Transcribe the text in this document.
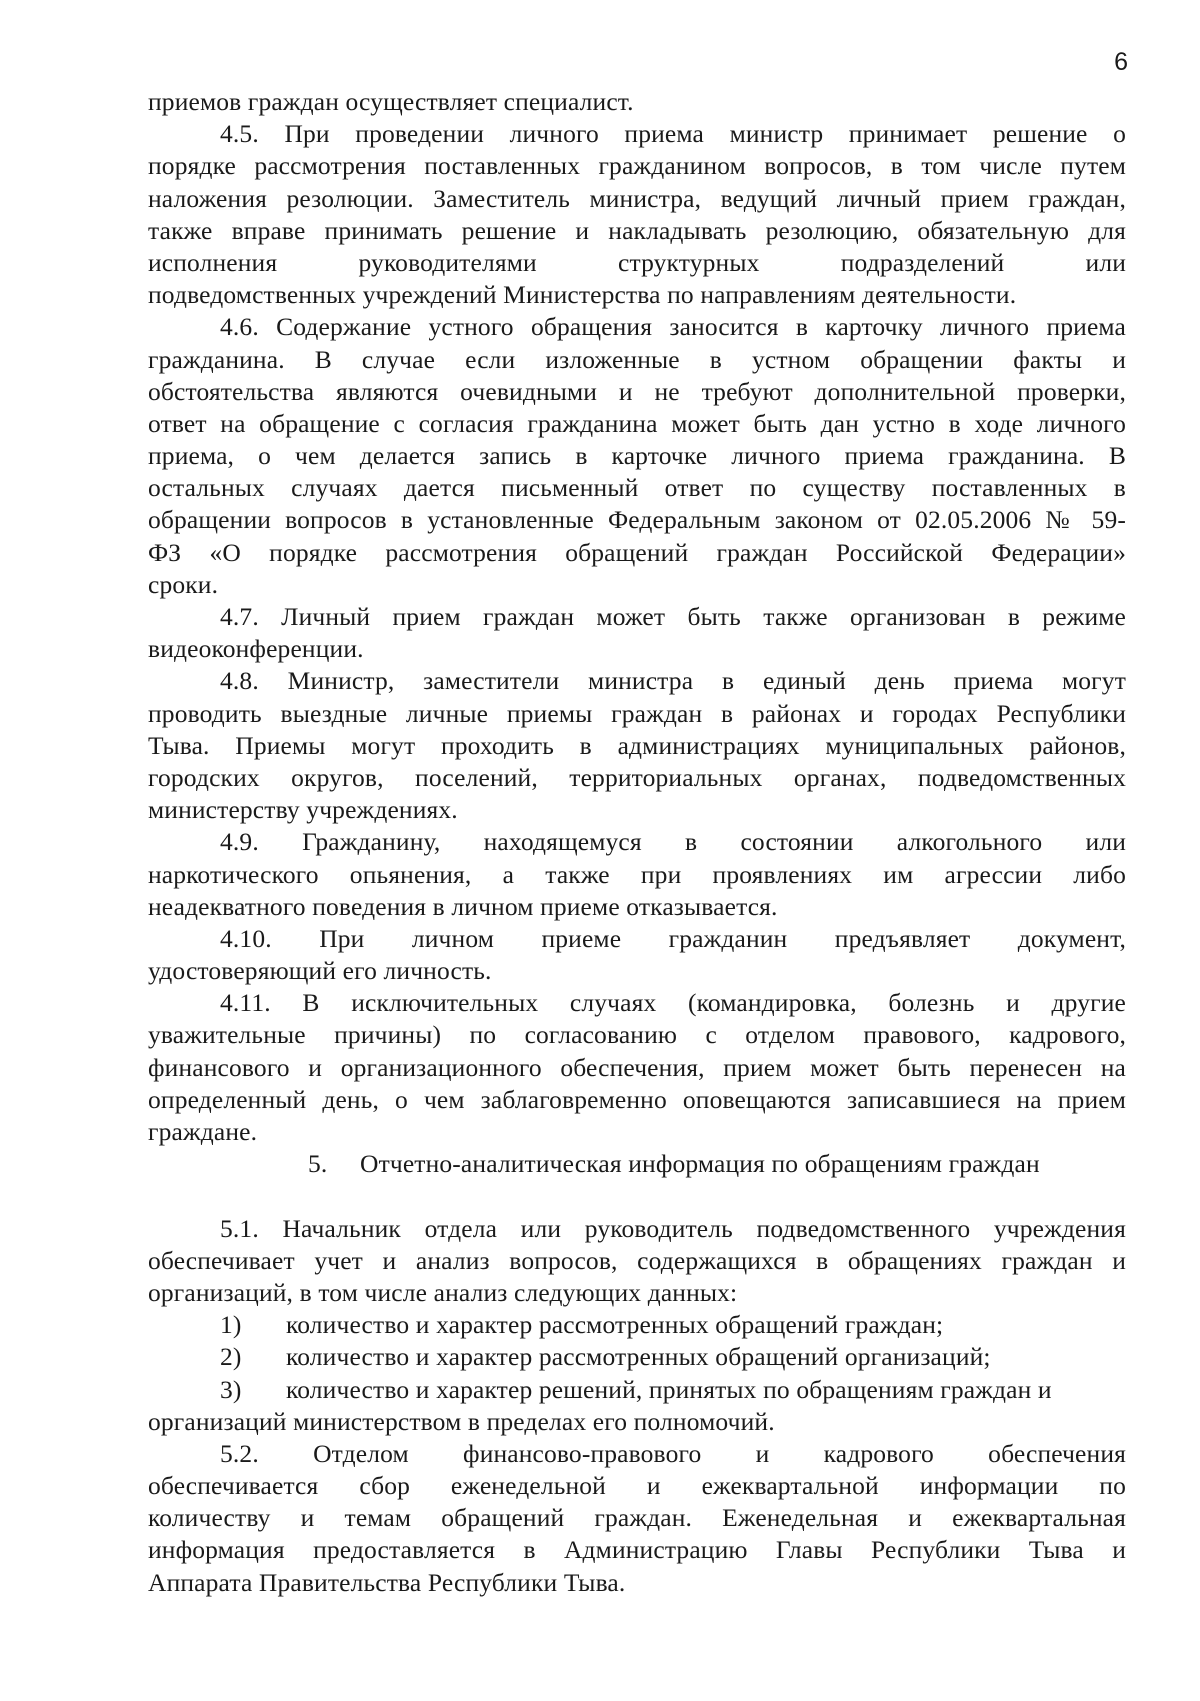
6
приемов граждан осуществляет специалист.
4.5. При проведении личного приема министр принимает решение о
порядке рассмотрения поставленных гражданином вопросов, в том числе путем
наложения резолюции. Заместитель министра, ведущий личный прием граждан,
также вправе принимать решение и накладывать резолюцию, обязательную для
исполнения руководителями структурных подразделений или
подведомственных учреждений Министерства по направлениям деятельности.
4.6. Содержание устного обращения заносится в карточку личного приема
гражданина. В случае если изложенные в устном обращении факты и
обстоятельства являются очевидными и не требуют дополнительной проверки,
ответ на обращение с согласия гражданина может быть дан устно в ходе личного
приема, о чем делается запись в карточке личного приема гражданина. В
остальных случаях дается письменный ответ по существу поставленных в
обращении вопросов в установленные Федеральным законом от 02.05.2006 № 59-
ФЗ «О порядке рассмотрения обращений граждан Российской Федерации»
сроки.
4.7. Личный прием граждан может быть также организован в режиме
видеоконференции.
4.8. Министр, заместители министра в единый день приема могут
проводить выездные личные приемы граждан в районах и городах Республики
Тыва. Приемы могут проходить в администрациях муниципальных районов,
городских округов, поселений, территориальных органах, подведомственных
министерству учреждениях.
4.9. Гражданину, находящемуся в состоянии алкогольного или
наркотического опьянения, а также при проявлениях им агрессии либо
неадекватного поведения в личном приеме отказывается.
4.10. При личном приеме гражданин предъявляет документ,
удостоверяющий его личность.
4.11. В исключительных случаях (командировка, болезнь и другие
уважительные причины) по согласованию с отделом правового, кадрового,
финансового и организационного обеспечения, прием может быть перенесен на
определенный день, о чем заблаговременно оповещаются записавшиеся на прием
граждане.
5. Отчетно-аналитическая информация по обращениям граждан
5.1. Начальник отдела или руководитель подведомственного учреждения
обеспечивает учет и анализ вопросов, содержащихся в обращениях граждан и
организаций, в том числе анализ следующих данных:
1) количество и характер рассмотренных обращений граждан;
2) количество и характер рассмотренных обращений организаций;
3) количество и характер решений, принятых по обращениям граждан и
организаций министерством в пределах его полномочий.
5.2. Отделом финансово-правового и кадрового обеспечения
обеспечивается сбор еженедельной и ежеквартальной информации по
количеству и темам обращений граждан. Еженедельная и ежеквартальная
информация предоставляется в Администрацию Главы Республики Тыва и
Аппарата Правительства Республики Тыва.
